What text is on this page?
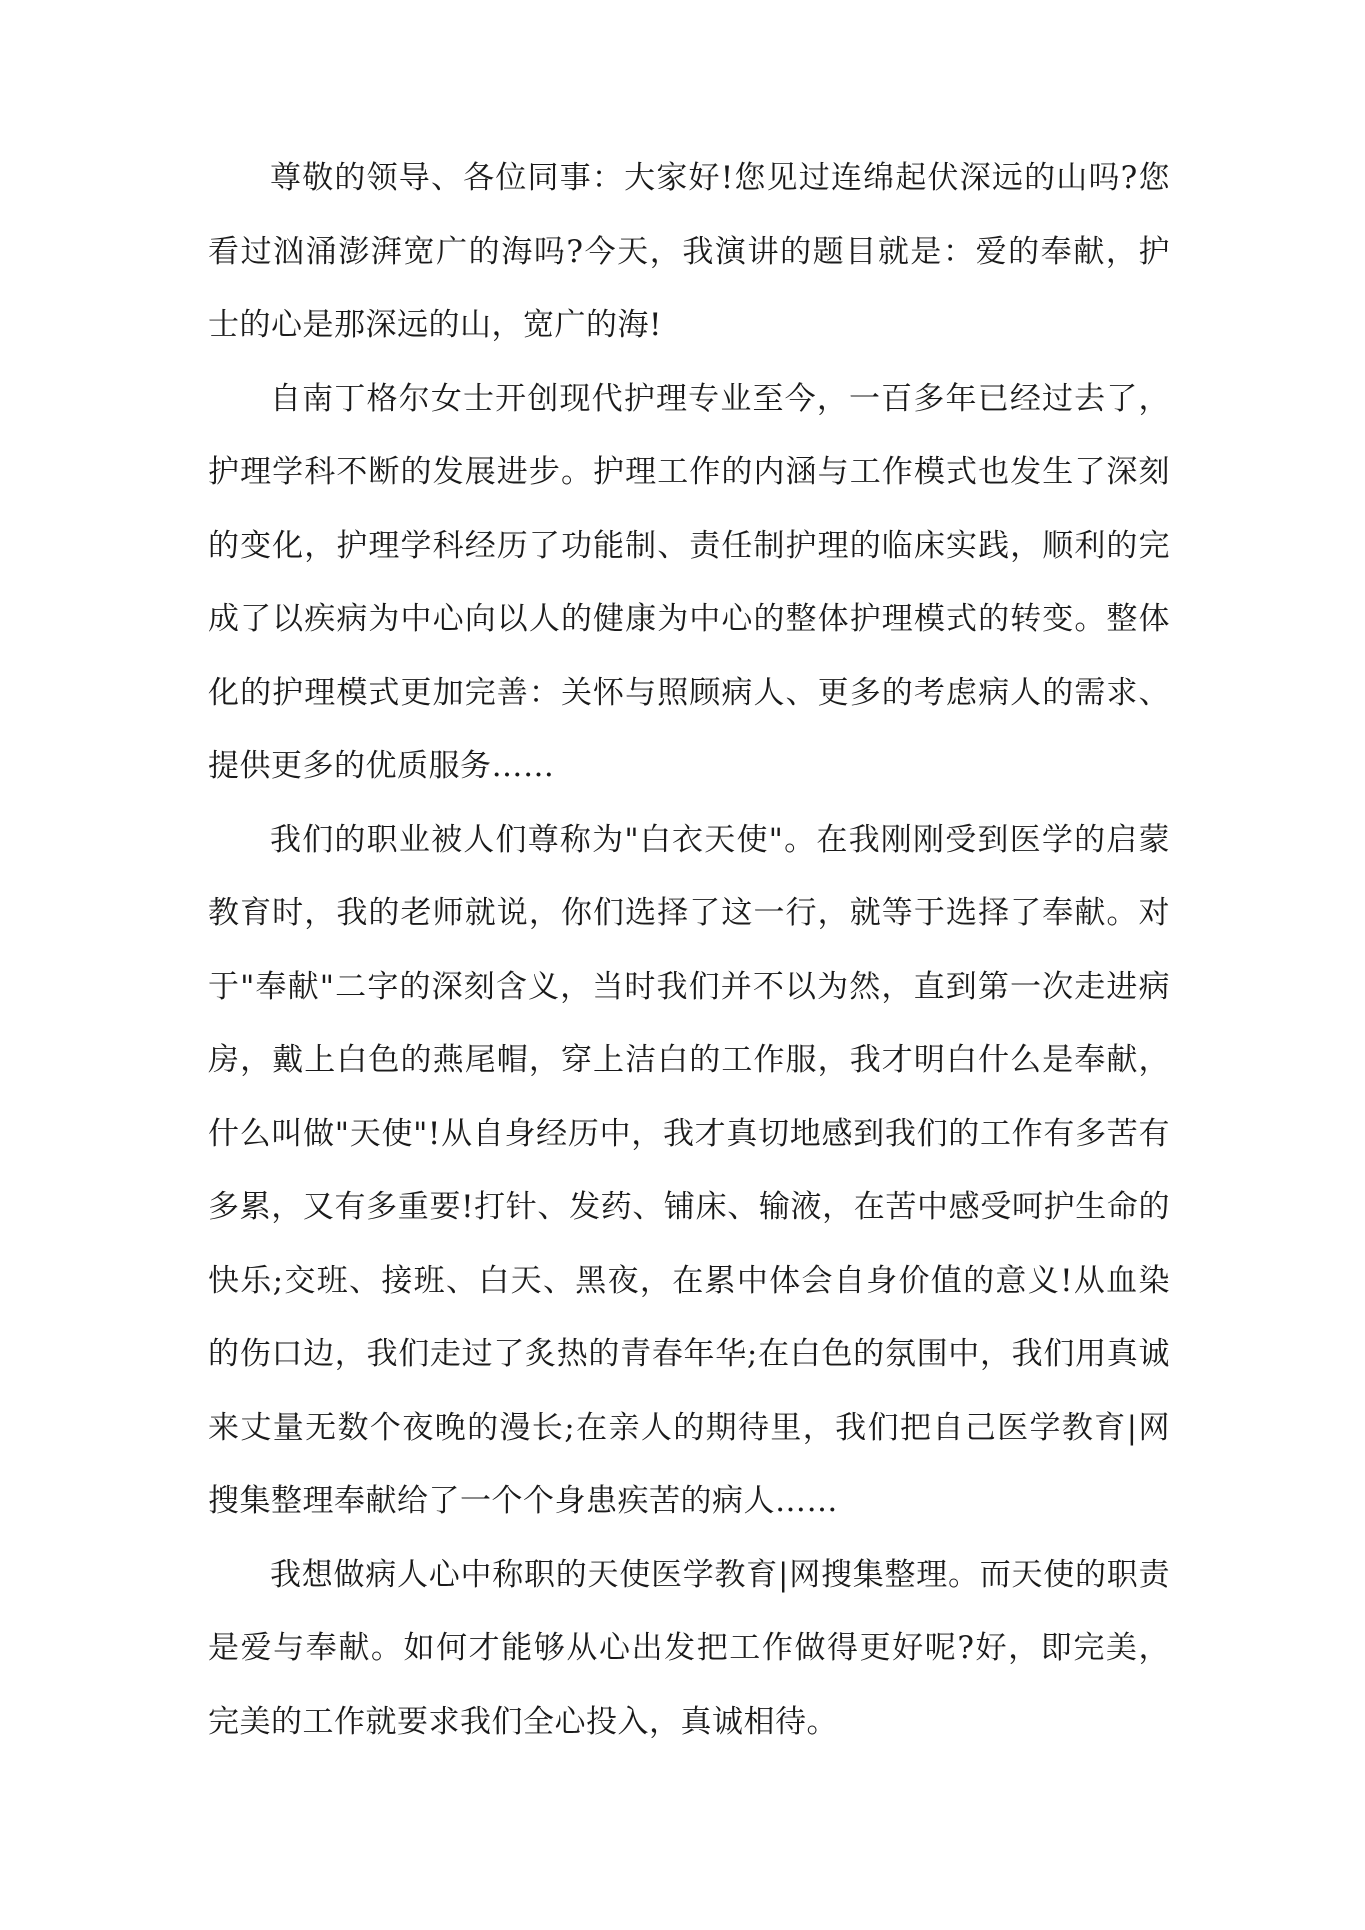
尊敬的领导、各位同事：大家好!您见过连绵起伏深远的山吗?您看过汹涌澎湃宽广的海吗?今天，我演讲的题目就是：爱的奉献，护士的心是那深远的山，宽广的海!

自南丁格尔女士开创现代护理专业至今，一百多年已经过去了，护理学科不断的发展进步。护理工作的内涵与工作模式也发生了深刻的变化，护理学科经历了功能制、责任制护理的临床实践，顺利的完成了以疾病为中心向以人的健康为中心的整体护理模式的转变。整体化的护理模式更加完善：关怀与照顾病人、更多的考虑病人的需求、提供更多的优质服务……

我们的职业被人们尊称为"白衣天使"。在我刚刚受到医学的启蒙教育时，我的老师就说，你们选择了这一行，就等于选择了奉献。对于"奉献"二字的深刻含义，当时我们并不以为然，直到第一次走进病房，戴上白色的燕尾帽，穿上洁白的工作服，我才明白什么是奉献，什么叫做"天使"!从自身经历中，我才真切地感到我们的工作有多苦有多累，又有多重要!打针、发药、铺床、输液，在苦中感受呵护生命的快乐;交班、接班、白天、黑夜，在累中体会自身价值的意义!从血染的伤口边，我们走过了炙热的青春年华;在白色的氛围中，我们用真诚来丈量无数个夜晚的漫长;在亲人的期待里，我们把自己医学教育|网搜集整理奉献给了一个个身患疾苦的病人……

我想做病人心中称职的天使医学教育|网搜集整理。而天使的职责是爱与奉献。如何才能够从心出发把工作做得更好呢?好，即完美，完美的工作就要求我们全心投入，真诚相待。
